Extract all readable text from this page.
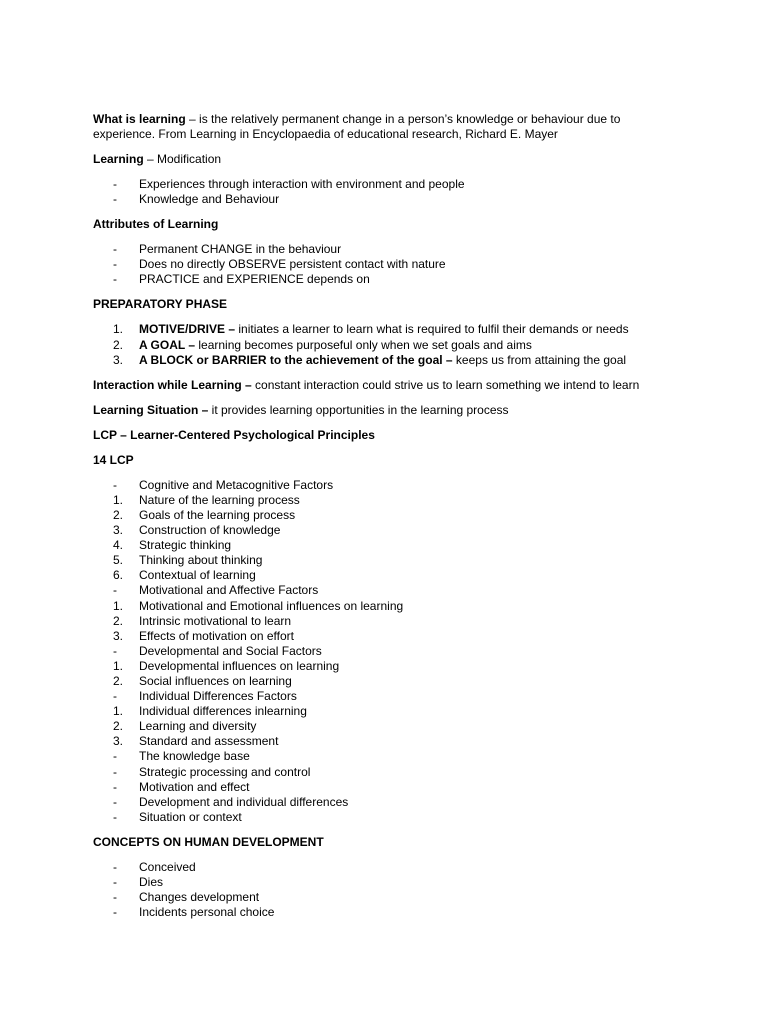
What is learning – is the relatively permanent change in a person’s knowledge or behaviour due to experience. From Learning in Encyclopaedia of educational research, Richard E. Mayer

Learning – Modification

-	Experiences through interaction with environment and people
-	Knowledge and Behaviour

Attributes of Learning

-	Permanent CHANGE in the behaviour
-	Does no directly OBSERVE persistent contact with nature
-	PRACTICE and EXPERIENCE depends on

PREPARATORY PHASE

1.	MOTIVE/DRIVE – initiates a learner to learn what is required to fulfil their demands or needs
2.	A GOAL – learning becomes purposeful only when we set goals and aims
3.	A BLOCK or BARRIER to the achievement of the goal – keeps us from attaining the goal

Interaction while Learning – constant interaction could strive us to learn something we intend to learn

Learning Situation – it provides learning opportunities in the learning process

LCP – Learner-Centered Psychological Principles

14 LCP

-	Cognitive and Metacognitive Factors
1.	Nature of the learning process
2.	Goals of the learning process
3.	Construction of knowledge
4.	Strategic thinking
5.	Thinking about thinking
6.	Contextual of learning
-	Motivational and Affective Factors
1.	Motivational and Emotional influences on learning
2.	Intrinsic motivational to learn
3.	Effects of motivation on effort
-	Developmental and Social Factors
1.	Developmental influences on learning
2.	Social influences on learning
-	Individual Differences Factors
1.	Individual differences inlearning
2.	Learning and diversity
3.	Standard and assessment
-	The knowledge base
-	Strategic processing and control
-	Motivation and effect
-	Development and individual differences
-	Situation or context

CONCEPTS ON HUMAN DEVELOPMENT

-	Conceived
-	Dies
-	Changes development
-	Incidents personal choice
